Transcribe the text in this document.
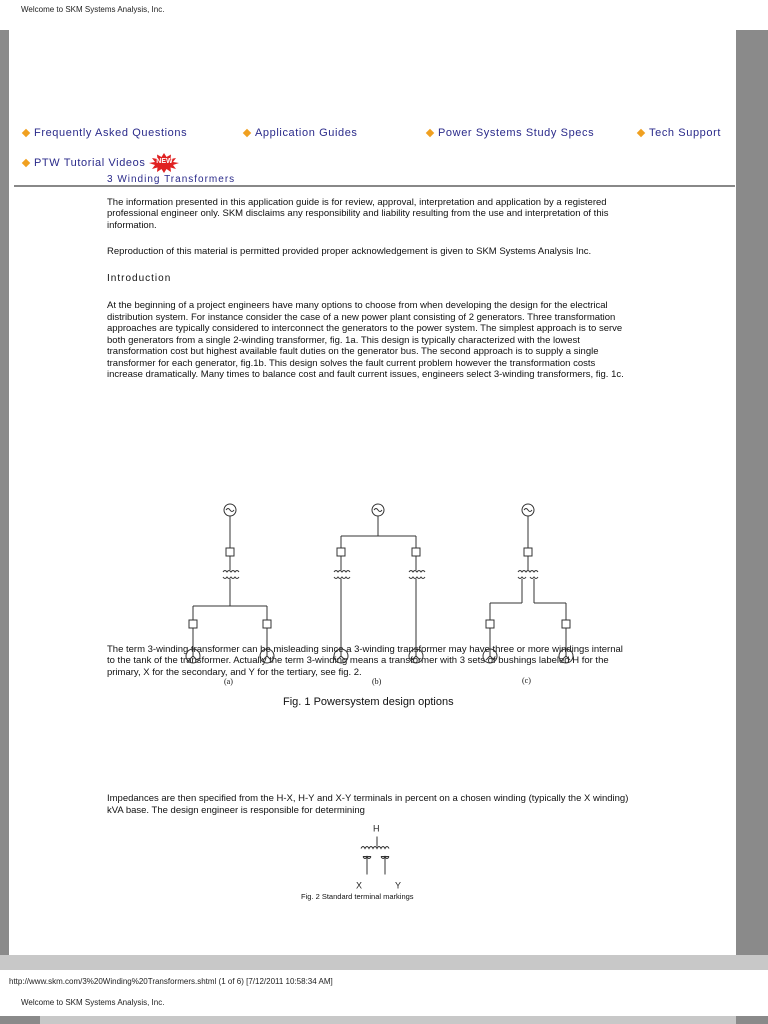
Welcome to SKM Systems Analysis, Inc.
Frequently Asked Questions	Application Guides	Power Systems Study Specs	Tech Support
PTW Tutorial Videos	NEW
3 Winding Transformers

The information presented in this application guide is for review, approval, interpretation and application by a registered professional engineer only. SKM disclaims any responsibility and liability resulting from the use and interpretation of this information.

Reproduction of this material is permitted provided proper acknowledgement is given to SKM Systems Analysis Inc.

Introduction

At the beginning of a project engineers have many options to choose from when developing the design for the electrical distribution system. For instance consider the case of a new power plant consisting of 2 generators. Three transformation approaches are typically considered to interconnect the generators to the power system. The simplest approach is to serve both generators from a single 2-winding transformer, fig. 1a. This design is typically characterized with the lowest transformation cost but highest available fault duties on the generator bus. The second approach is to supply a single transformer for each generator, fig.1b. This design solves the fault current problem however the transformation costs increase dramatically. Many times to balance cost and fault current issues, engineers select 3-winding transformers, fig. 1c.

The term 3-winding transformer can be misleading since a 3-winding transformer may have three or more windings internal to the tank of the transformer. Actually the term 3-winding means a transformer with 3 sets of bushings labeled H for the primary, X for the secondary, and Y for the tertiary, see fig. 2.

Impedances are then specified from the H-X, H-Y and X-Y terminals in percent on a chosen winding (typically the X winding) kVA base. The design engineer is responsible for determining

(a)	(b)	(c)
Fig. 1 Powersystem design options
H
X	Y
Fig. 2 Standard terminal markings
http://www.skm.com/3%20Winding%20Transformers.shtml (1 of 6) [7/12/2011 10:58:34 AM]
Welcome to SKM Systems Analysis, Inc.
